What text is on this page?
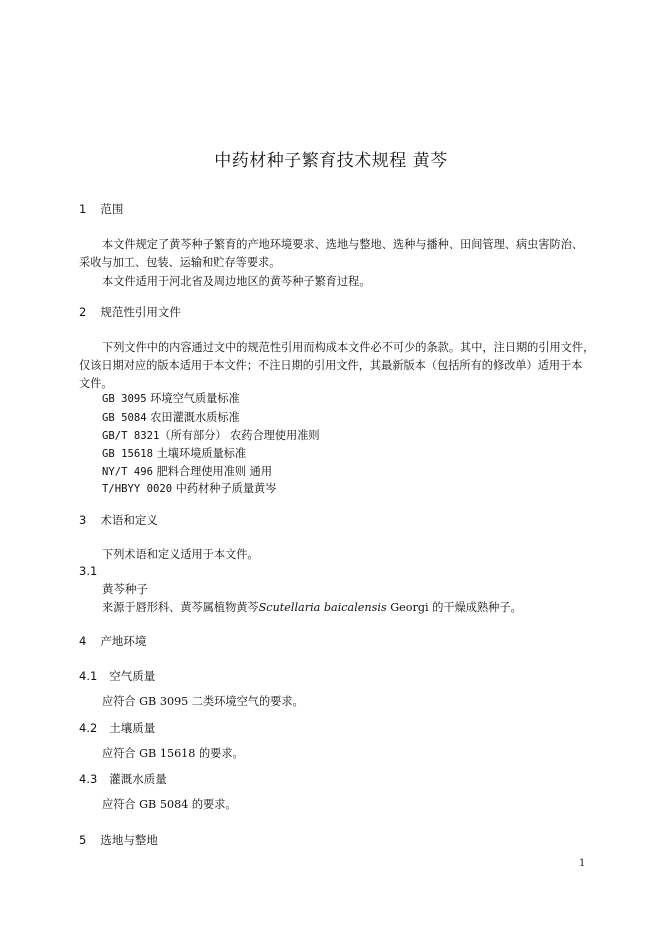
中药材种子繁育技术规程 黄芩
1 范围
本文件规定了黄芩种子繁育的产地环境要求、选地与整地、选种与播种、田间管理、病虫害防治、
采收与加工、包装、运输和贮存等要求。
本文件适用于河北省及周边地区的黄芩种子繁育过程。
2 规范性引用文件
下列文件中的内容通过文中的规范性引用而构成本文件必不可少的条款。其中，注日期的引用文件，
仅该日期对应的版本适用于本文件；不注日期的引用文件，其最新版本（包括所有的修改单）适用于本
文件。
GB 3095 环境空气质量标准
GB 5084 农田灌溉水质标准
GB/T 8321（所有部分） 农药合理使用准则
GB 15618 土壤环境质量标准
NY/T 496 肥料合理使用准则 通用
T/HBYY 0020 中药材种子质量黄岑
3 术语和定义
下列术语和定义适用于本文件。
3.1
黄芩种子
来源于唇形科、黄芩属植物黄芩Scutellaria baicalensis Georgi 的干燥成熟种子。
4 产地环境
4.1 空气质量
应符合 GB 3095 二类环境空气的要求。
4.2 土壤质量
应符合 GB 15618 的要求。
4.3 灌溉水质量
应符合 GB 5084 的要求。
5 选地与整地
1
